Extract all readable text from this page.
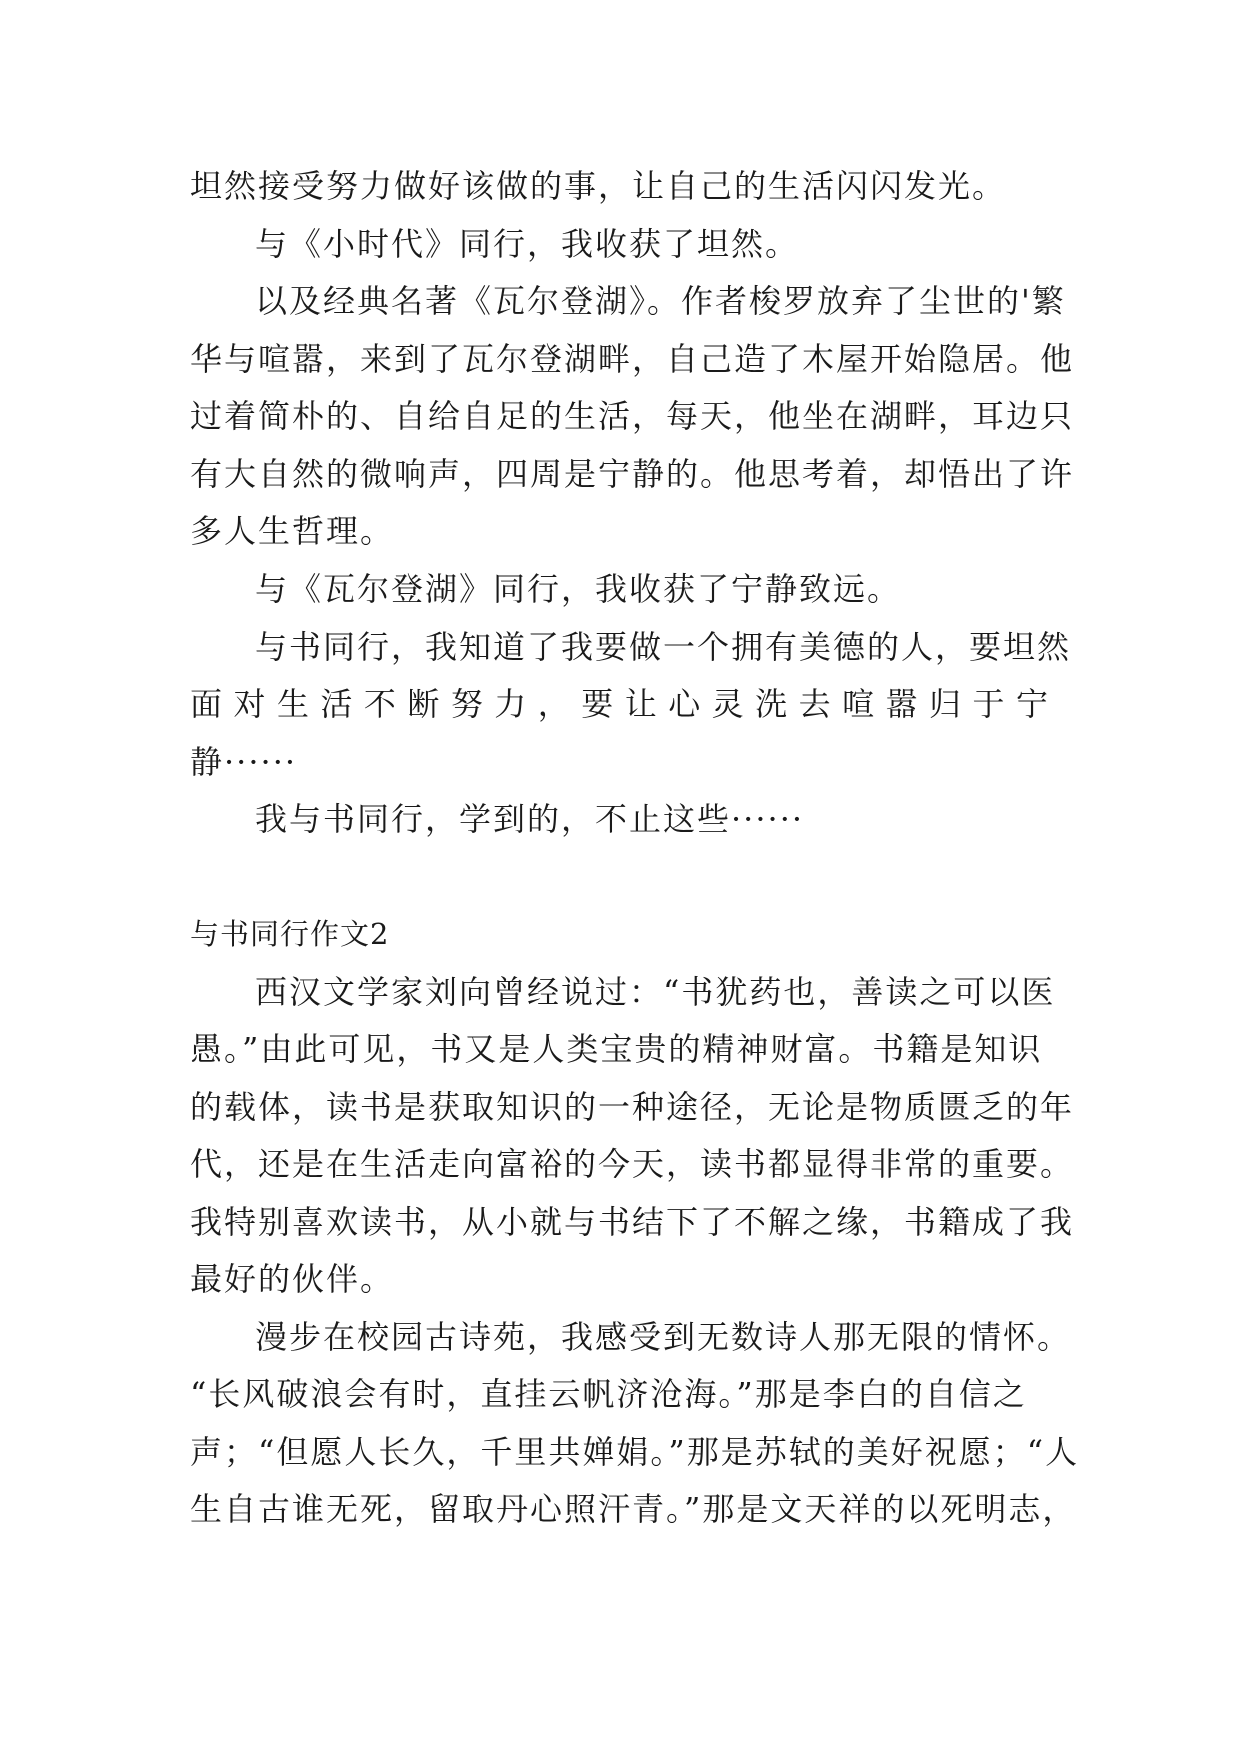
坦然接受努力做好该做的事，让自己的生活闪闪发光。
与《小时代》同行，我收获了坦然。
以及经典名著《瓦尔登湖》。作者梭罗放弃了尘世的'繁
华与喧嚣，来到了瓦尔登湖畔，自己造了木屋开始隐居。他
过着简朴的、自给自足的生活，每天，他坐在湖畔，耳边只
有大自然的微响声，四周是宁静的。他思考着，却悟出了许
多人生哲理。
与《瓦尔登湖》同行，我收获了宁静致远。
与书同行，我知道了我要做一个拥有美德的人，要坦然
面对生活不断努力，要让心灵洗去喧嚣归于宁
静······
我与书同行，学到的，不止这些······
与书同行作文2
西汉文学家刘向曾经说过：“书犹药也，善读之可以医
愚。”由此可见，书又是人类宝贵的精神财富。书籍是知识
的载体，读书是获取知识的一种途径，无论是物质匮乏的年
代，还是在生活走向富裕的今天，读书都显得非常的重要。
我特别喜欢读书，从小就与书结下了不解之缘，书籍成了我
最好的伙伴。
漫步在校园古诗苑，我感受到无数诗人那无限的情怀。
“长风破浪会有时，直挂云帆济沧海。”那是李白的自信之
声；“但愿人长久，千里共婵娟。”那是苏轼的美好祝愿；“人
生自古谁无死，留取丹心照汗青。”那是文天祥的以死明志，
